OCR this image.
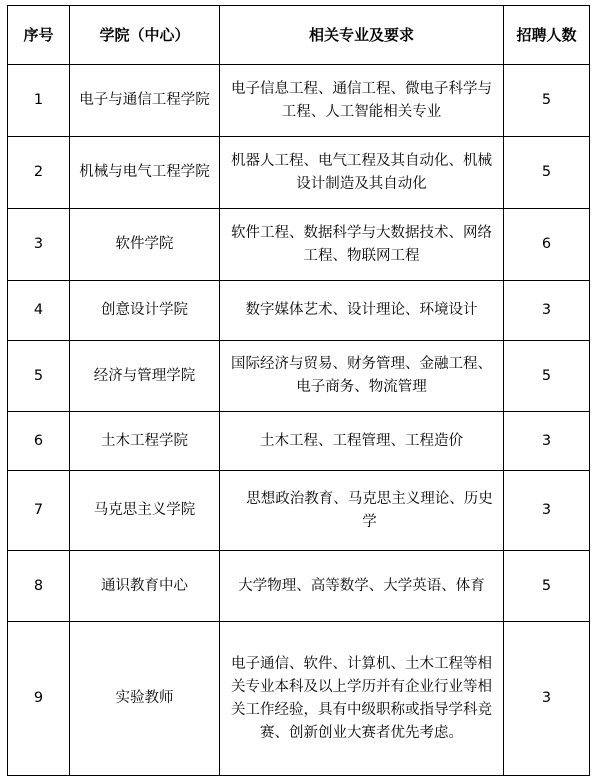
序号	学院（中心）	相关专业及要求	招聘人数
1	电子与通信工程学院	电子信息工程、通信工程、微电子科学与工程、人工智能相关专业	5
2	机械与电气工程学院	机器人工程、电气工程及其自动化、机械设计制造及其自动化	5
3	软件学院	软件工程、数据科学与大数据技术、网络工程、物联网工程	6
4	创意设计学院	数字媒体艺术、设计理论、环境设计	3
5	经济与管理学院	国际经济与贸易、财务管理、金融工程、电子商务、物流管理	5
6	土木工程学院	土木工程、工程管理、工程造价	3
7	马克思主义学院	思想政治教育、马克思主义理论、历史学	3
8	通识教育中心	大学物理、高等数学、大学英语、体育	5
9	实验教师	电子通信、软件、计算机、土木工程等相关专业本科及以上学历并有企业行业等相关工作经验，具有中级职称或指导学科竞赛、创新创业大赛者优先考虑。	3
